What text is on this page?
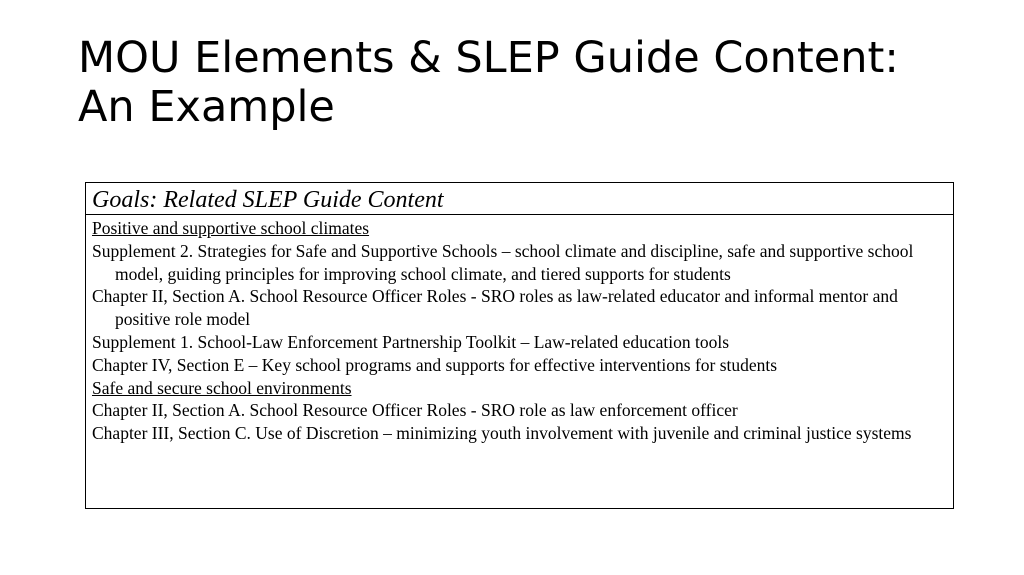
MOU Elements & SLEP Guide Content:
An Example
Goals: Related SLEP Guide Content
Positive and supportive school climates
Supplement 2. Strategies for Safe and Supportive Schools – school climate and discipline, safe and supportive school model, guiding principles for improving school climate, and tiered supports for students
Chapter II, Section A. School Resource Officer Roles - SRO roles as law-related educator and informal mentor and positive role model
Supplement 1. School-Law Enforcement Partnership Toolkit – Law-related education tools
Chapter IV, Section E – Key school programs and supports for effective interventions for students
Safe and secure school environments
Chapter II, Section A. School Resource Officer Roles - SRO role as law enforcement officer
Chapter III, Section C. Use of Discretion – minimizing youth involvement with juvenile and criminal justice systems
